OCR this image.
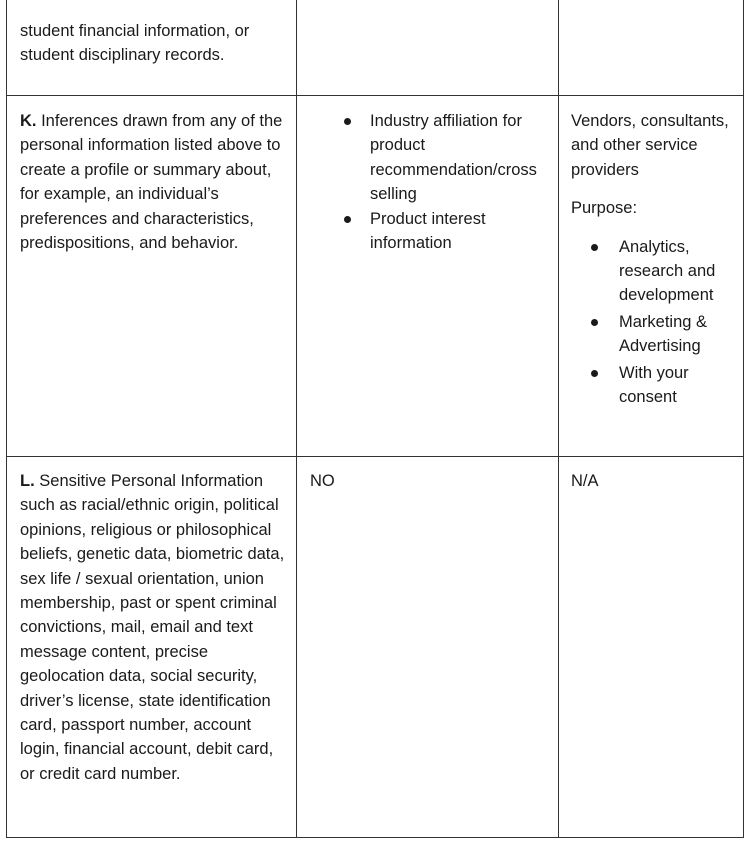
student financial information, or student disciplinary records.
K. Inferences drawn from any of the personal information listed above to create a profile or summary about, for example, an individual’s preferences and characteristics, predispositions, and behavior.
Industry affiliation for product recommendation/cross selling
Product interest information
Vendors, consultants, and other service providers
Purpose:
Analytics, research and development
Marketing & Advertising
With your consent
L. Sensitive Personal Information such as racial/ethnic origin, political opinions, religious or philosophical beliefs, genetic data, biometric data, sex life / sexual orientation, union membership, past or spent criminal convictions, mail, email and text message content, precise geolocation data, social security, driver’s license, state identification card, passport number, account login, financial account, debit card, or credit card number.
NO	N/A
